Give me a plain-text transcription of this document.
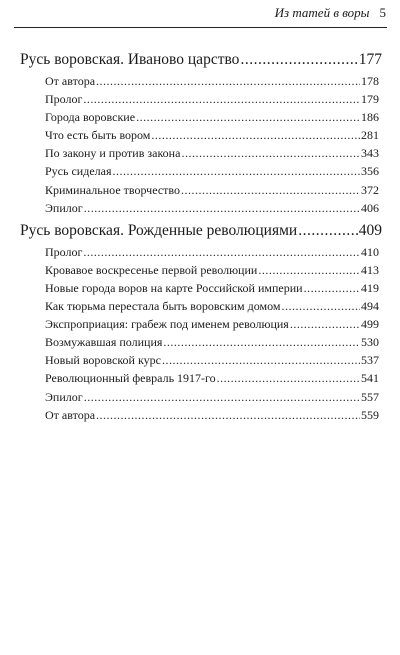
Из татей в воры 5
Русь воровская. Иваново царство .....	177
От автора .....	178
Пролог .....	179
Города воровские .....	186
Что есть быть вором .....	281
По закону и против закона .....	343
Русь сиделая .....	356
Криминальное творчество .....	372
Эпилог .....	406
Русь воровская. Рожденные революциями .....	409
Пролог .....	410
Кровавое воскресенье первой революции .....	413
Новые города воров на карте Российской империи .....	419
Как тюрьма перестала быть воровским домом .....	494
Экспроприация: грабеж под именем революция .....	499
Возмужавшая полиция .....	530
Новый воровской курс .....	537
Революционный февраль 1917-го .....	541
Эпилог .....	557
От автора .....	559
